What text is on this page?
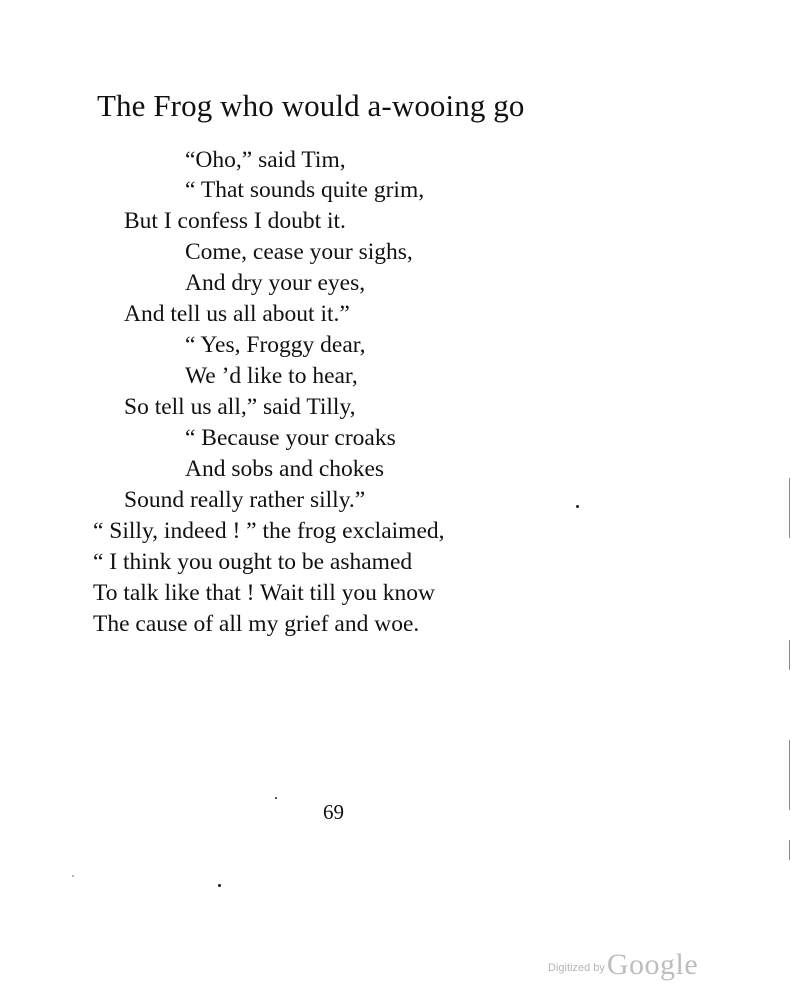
The Frog who would a-wooing go
“Oho,” said Tim,
“ That sounds quite grim,
But I confess I doubt it.
Come, cease your sighs,
And dry your eyes,
And tell us all about it.”
“ Yes, Froggy dear,
We ’d like to hear,
So tell us all,” said Tilly,
“ Because your croaks
And sobs and chokes
Sound really rather silly.”
“ Silly, indeed ! ” the frog exclaimed,
“ I think you ought to be ashamed
To talk like that ! Wait till you know
The cause of all my grief and woe.
69
Digitized byGoogle
